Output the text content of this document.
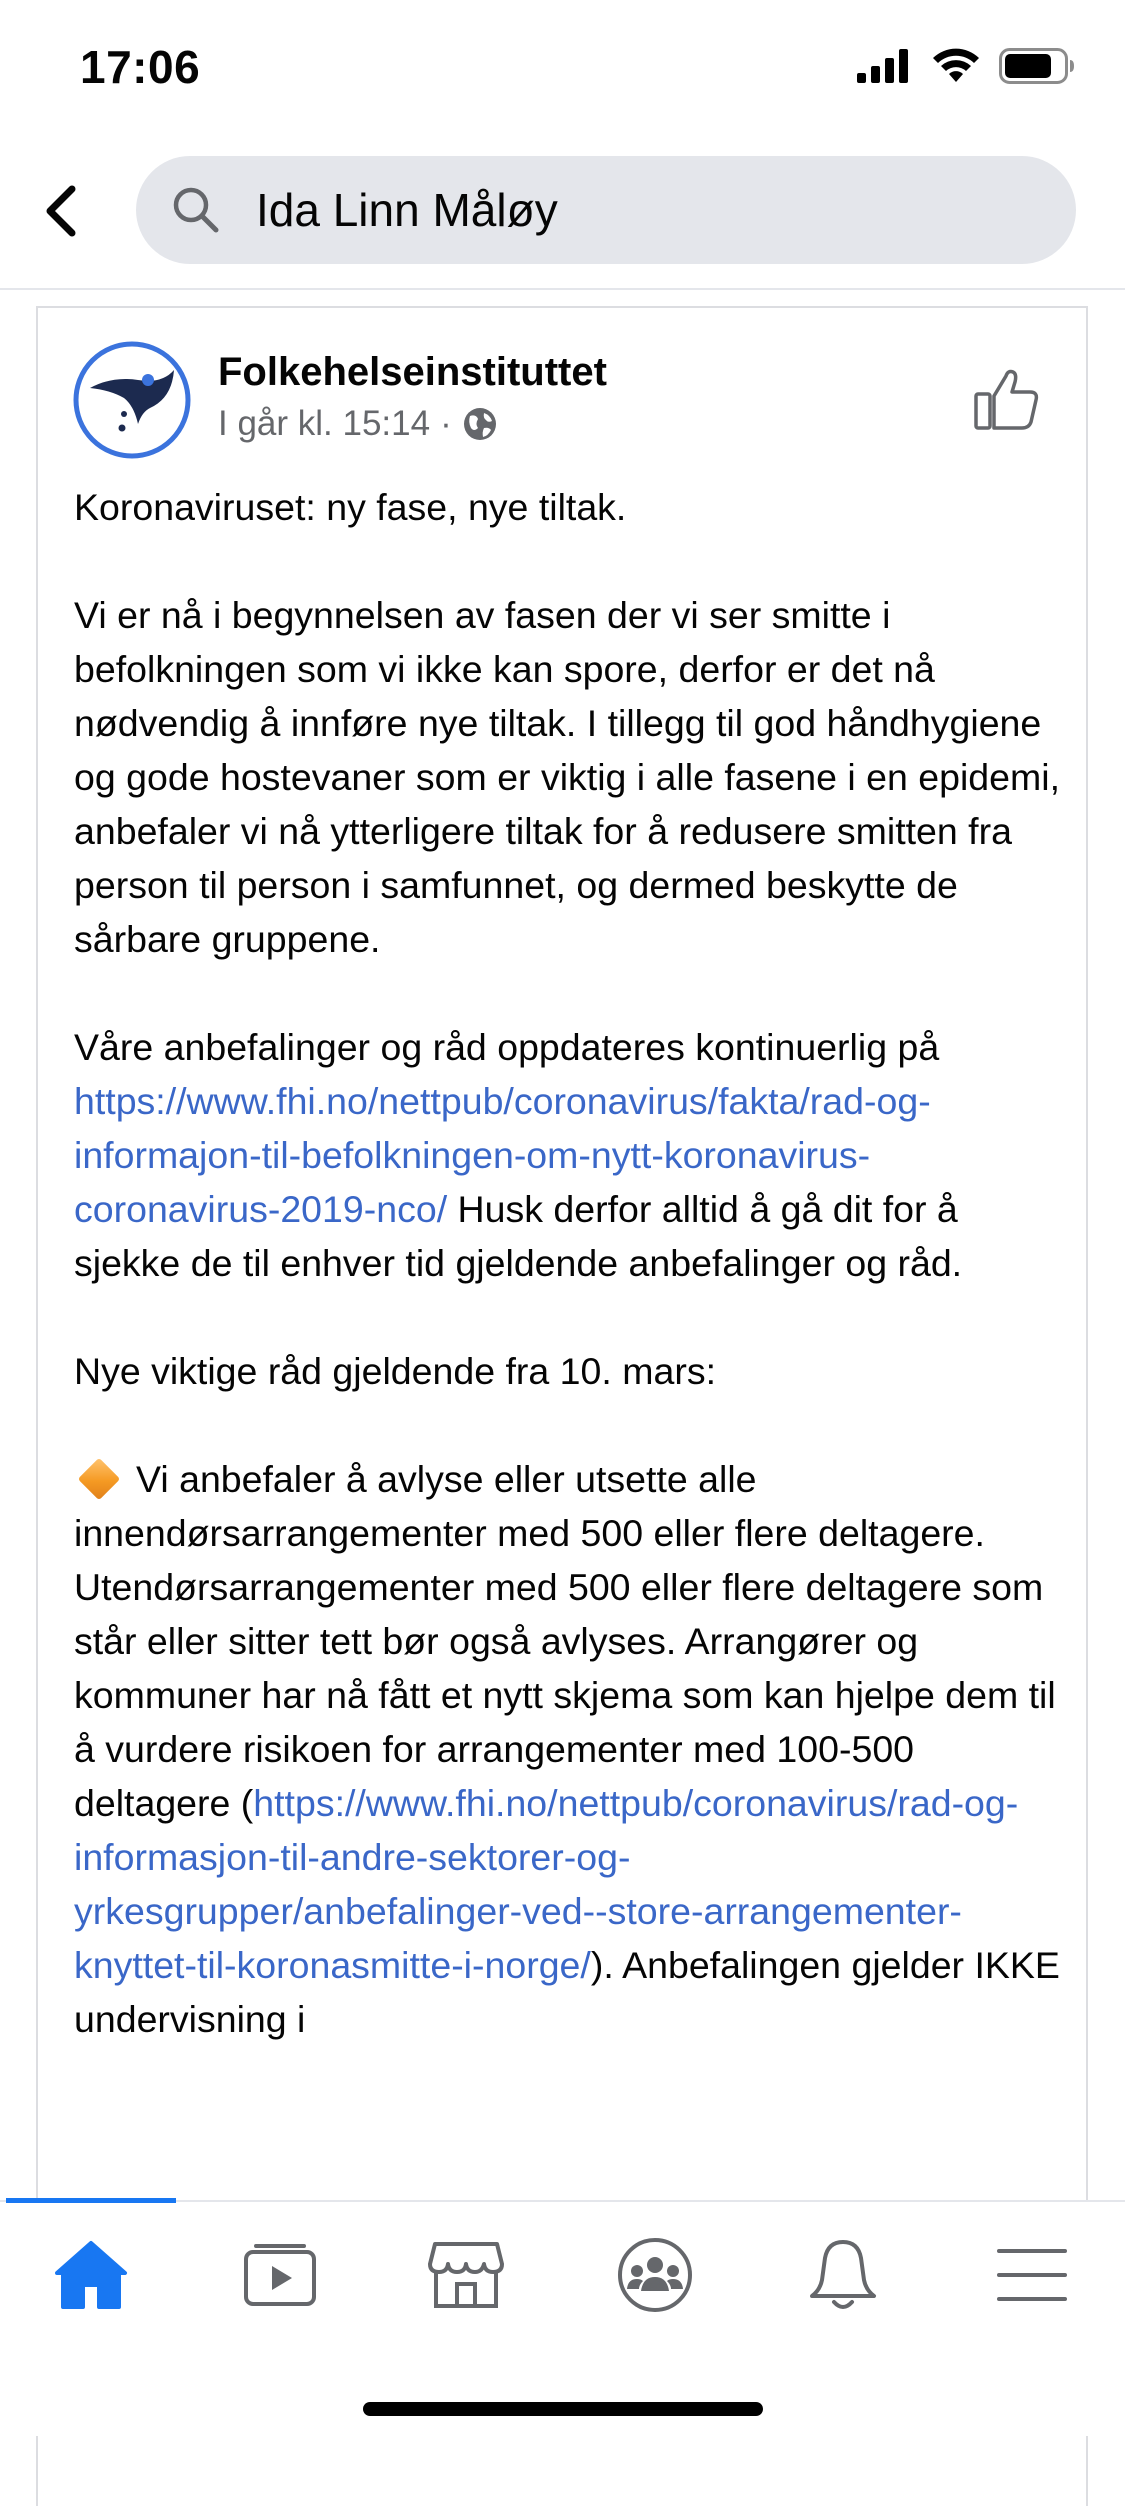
17:06
Ida Linn Måløy
Folkehelseinstituttet
I går kl. 15:14 ·

Koronaviruset: ny fase, nye tiltak.

Vi er nå i begynnelsen av fasen der vi ser smitte i befolkningen som vi ikke kan spore, derfor er det nå nødvendig å innføre nye tiltak. I tillegg til god håndhygiene og gode hostevaner som er viktig i alle fasene i en epidemi, anbefaler vi nå ytterligere tiltak for å redusere smitten fra person til person i samfunnet, og dermed beskytte de sårbare gruppene.

Våre anbefalinger og råd oppdateres kontinuerlig på https://www.fhi.no/nettpub/coronavirus/fakta/rad-og-informajon-til-befolkningen-om-nytt-koronavirus-coronavirus-2019-nco/ Husk derfor alltid å gå dit for å sjekke de til enhver tid gjeldende anbefalinger og råd.

Nye viktige råd gjeldende fra 10. mars:

Vi anbefaler å avlyse eller utsette alle innendørsarrangementer med 500 eller flere deltagere. Utendørsarrangementer med 500 eller flere deltagere som står eller sitter tett bør også avlyses. Arrangører og kommuner har nå fått et nytt skjema som kan hjelpe dem til å vurdere risikoen for arrangementer med 100-500 deltagere (https://www.fhi.no/nettpub/coronavirus/rad-og-informasjon-til-andre-sektorer-og-yrkesgrupper/anbefalinger-ved--store-arrangementer-knyttet-til-koronasmitte-i-norge/). Anbefalingen gjelder IKKE undervisning i
